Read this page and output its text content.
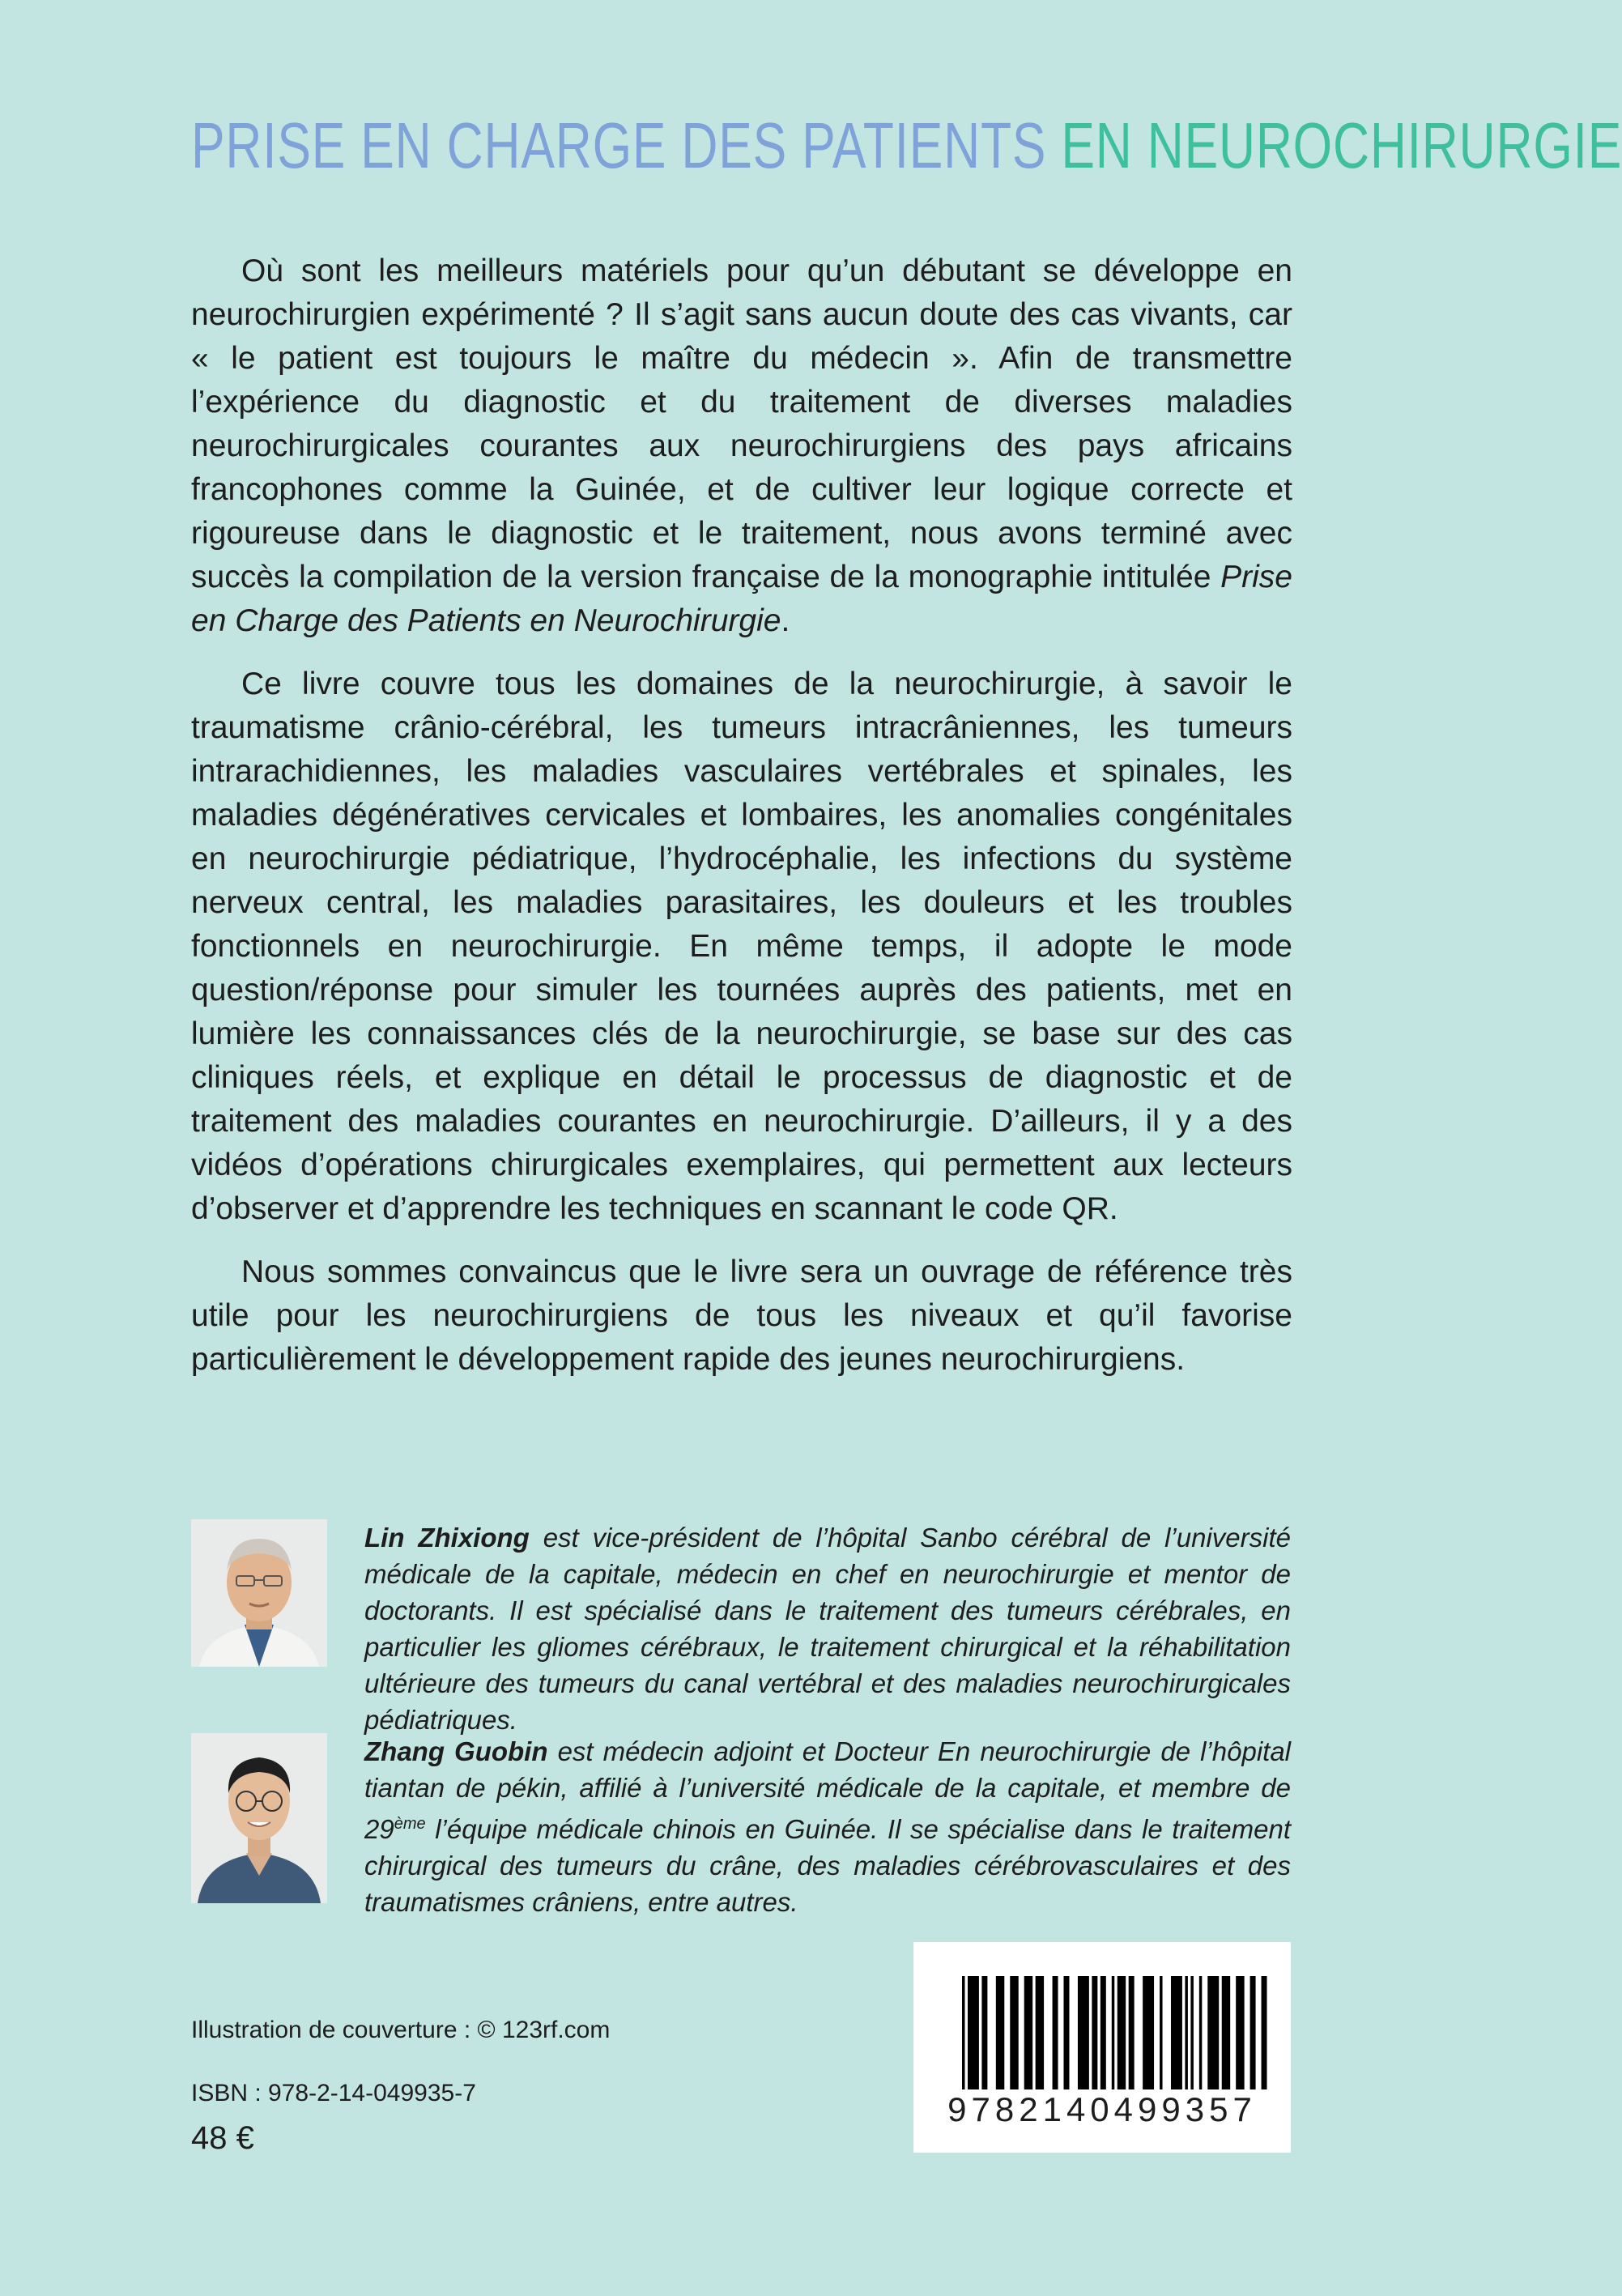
PRISE EN CHARGE DES PATIENTS EN NEUROCHIRURGIE

Où sont les meilleurs matériels pour qu’un débutant se développe en neurochirurgien expérimenté ? Il s’agit sans aucun doute des cas vivants, car « le patient est toujours le maître du médecin ». Afin de transmettre l’expérience du diagnostic et du traitement de diverses maladies neurochirurgicales courantes aux neurochirurgiens des pays africains francophones comme la Guinée, et de cultiver leur logique correcte et rigoureuse dans le diagnostic et le traitement, nous avons terminé avec succès la compilation de la version française de la monographie intitulée Prise en Charge des Patients en Neurochirurgie.

Ce livre couvre tous les domaines de la neurochirurgie, à savoir le traumatisme crânio-cérébral, les tumeurs intracrâniennes, les tumeurs intrarachidiennes, les maladies vasculaires vertébrales et spinales, les maladies dégénératives cervicales et lombaires, les anomalies congénitales en neurochirurgie pédiatrique, l’hydrocéphalie, les infections du système nerveux central, les maladies parasitaires, les douleurs et les troubles fonctionnels en neurochirurgie. En même temps, il adopte le mode question/réponse pour simuler les tournées auprès des patients, met en lumière les connaissances clés de la neurochirurgie, se base sur des cas cliniques réels, et explique en détail le processus de diagnostic et de traitement des maladies courantes en neurochirurgie. D’ailleurs, il y a des vidéos d’opérations chirurgicales exemplaires, qui permettent aux lecteurs d’observer et d’apprendre les techniques en scannant le code QR.

Nous sommes convaincus que le livre sera un ouvrage de référence très utile pour les neurochirurgiens de tous les niveaux et qu’il favorise particulièrement le développement rapide des jeunes neurochirurgiens.

Lin Zhixiong est vice-président de l’hôpital Sanbo cérébral de l’université médicale de la capitale, médecin en chef en neurochirurgie et mentor de doctorants. Il est spécialisé dans le traitement des tumeurs cérébrales, en particulier les gliomes cérébraux, le traitement chirurgical et la réhabilitation ultérieure des tumeurs du canal vertébral et des maladies neurochirurgicales pédiatriques.
Zhang Guobin est médecin adjoint et Docteur En neurochirurgie de l’hôpital tiantan de pékin, affilié à l’université médicale de la capitale, et membre de 29ème l’équipe médicale chinois en Guinée. Il se spécialise dans le traitement chirurgical des tumeurs du crâne, des maladies cérébrovasculaires et des traumatismes crâniens, entre autres.
Illustration de couverture : © 123rf.com
ISBN : 978-2-14-049935-7
48 €
9782140499357
